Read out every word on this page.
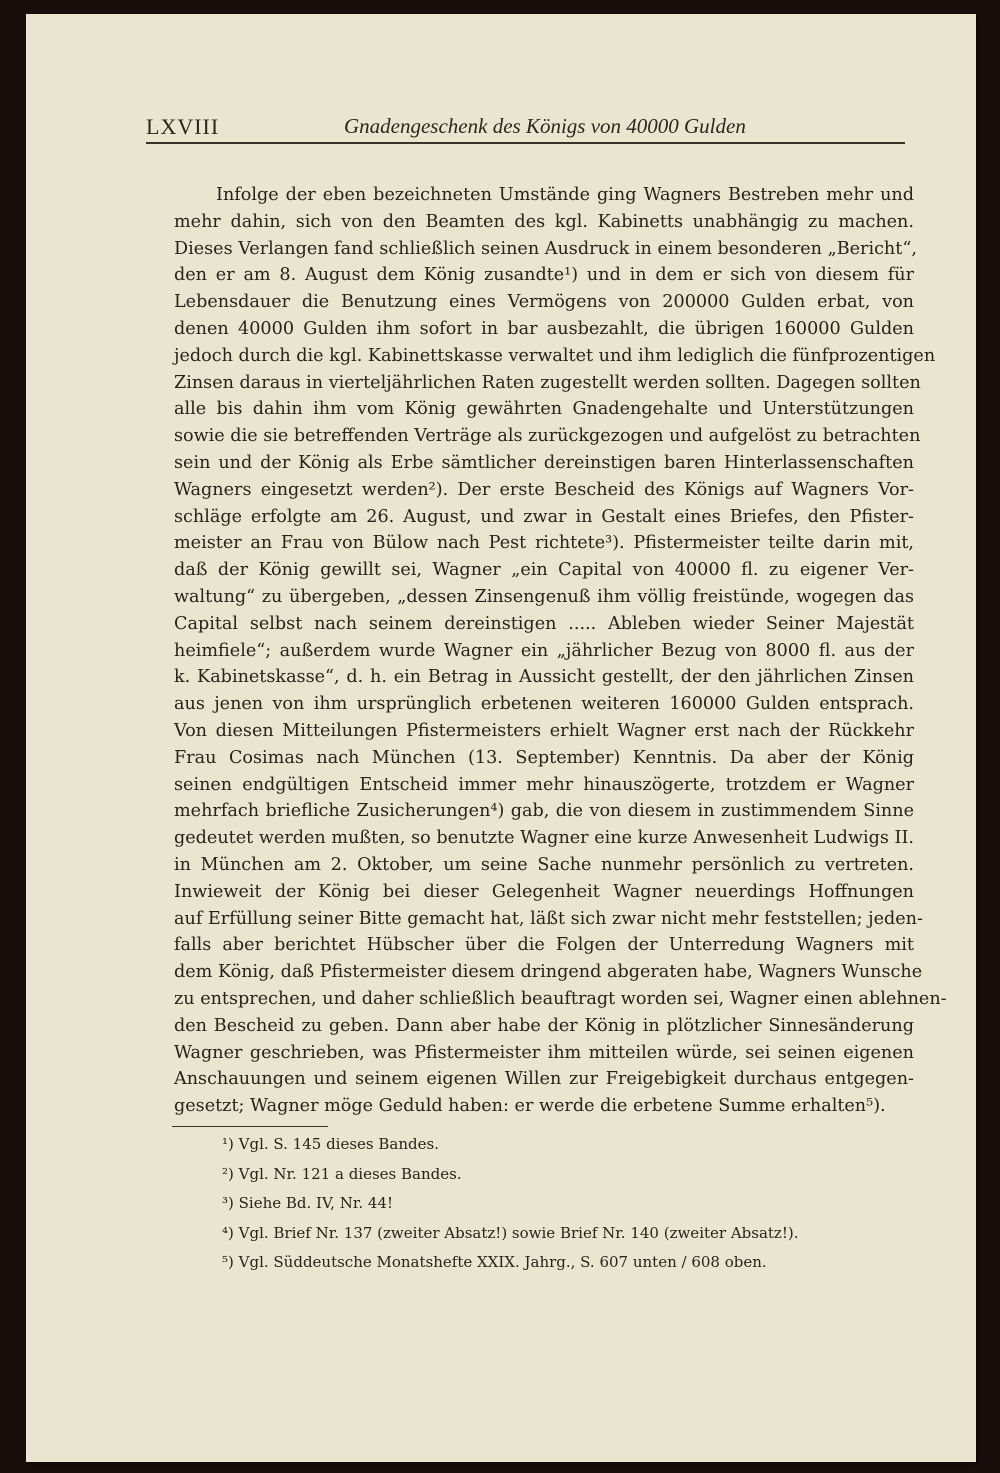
LXVIII	Gnadengeschenk des Königs von 40000 Gulden
Infolge der eben bezeichneten Umstände ging Wagners Bestreben mehr und
mehr dahin, sich von den Beamten des kgl. Kabinetts unabhängig zu machen.
Dieses Verlangen fand schließlich seinen Ausdruck in einem besonderen „Bericht“,
den er am 8. August dem König zusandte¹) und in dem er sich von diesem für
Lebensdauer die Benutzung eines Vermögens von 200000 Gulden erbat, von
denen 40000 Gulden ihm sofort in bar ausbezahlt, die übrigen 160000 Gulden
jedoch durch die kgl. Kabinettskasse verwaltet und ihm lediglich die fünfprozentigen
Zinsen daraus in vierteljährlichen Raten zugestellt werden sollten. Dagegen sollten
alle bis dahin ihm vom König gewährten Gnadengehalte und Unterstützungen
sowie die sie betreffenden Verträge als zurückgezogen und aufgelöst zu betrachten
sein und der König als Erbe sämtlicher dereinstigen baren Hinterlassenschaften
Wagners eingesetzt werden²). Der erste Bescheid des Königs auf Wagners Vor-
schläge erfolgte am 26. August, und zwar in Gestalt eines Briefes, den Pfister-
meister an Frau von Bülow nach Pest richtete³). Pfistermeister teilte darin mit,
daß der König gewillt sei, Wagner „ein Capital von 40000 fl. zu eigener Ver-
waltung“ zu übergeben, „dessen Zinsengenuß ihm völlig freistünde, wogegen das
Capital selbst nach seinem dereinstigen ..... Ableben wieder Seiner Majestät
heimfiele“; außerdem wurde Wagner ein „jährlicher Bezug von 8000 fl. aus der
k. Kabinetskasse“, d. h. ein Betrag in Aussicht gestellt, der den jährlichen Zinsen
aus jenen von ihm ursprünglich erbetenen weiteren 160000 Gulden entsprach.
Von diesen Mitteilungen Pfistermeisters erhielt Wagner erst nach der Rückkehr
Frau Cosimas nach München (13. September) Kenntnis. Da aber der König
seinen endgültigen Entscheid immer mehr hinauszögerte, trotzdem er Wagner
mehrfach briefliche Zusicherungen⁴) gab, die von diesem in zustimmendem Sinne
gedeutet werden mußten, so benutzte Wagner eine kurze Anwesenheit Ludwigs II.
in München am 2. Oktober, um seine Sache nunmehr persönlich zu vertreten.
Inwieweit der König bei dieser Gelegenheit Wagner neuerdings Hoffnungen
auf Erfüllung seiner Bitte gemacht hat, läßt sich zwar nicht mehr feststellen; jeden-
falls aber berichtet Hübscher über die Folgen der Unterredung Wagners mit
dem König, daß Pfistermeister diesem dringend abgeraten habe, Wagners Wunsche
zu entsprechen, und daher schließlich beauftragt worden sei, Wagner einen ablehnen-
den Bescheid zu geben. Dann aber habe der König in plötzlicher Sinnesänderung
Wagner geschrieben, was Pfistermeister ihm mitteilen würde, sei seinen eigenen
Anschauungen und seinem eigenen Willen zur Freigebigkeit durchaus entgegen-
gesetzt; Wagner möge Geduld haben: er werde die erbetene Summe erhalten⁵).
¹) Vgl. S. 145 dieses Bandes.
²) Vgl. Nr. 121 a dieses Bandes.
³) Siehe Bd. IV, Nr. 44!
⁴) Vgl. Brief Nr. 137 (zweiter Absatz!) sowie Brief Nr. 140 (zweiter Absatz!).
⁵) Vgl. Süddeutsche Monatshefte XXIX. Jahrg., S. 607 unten / 608 oben.
